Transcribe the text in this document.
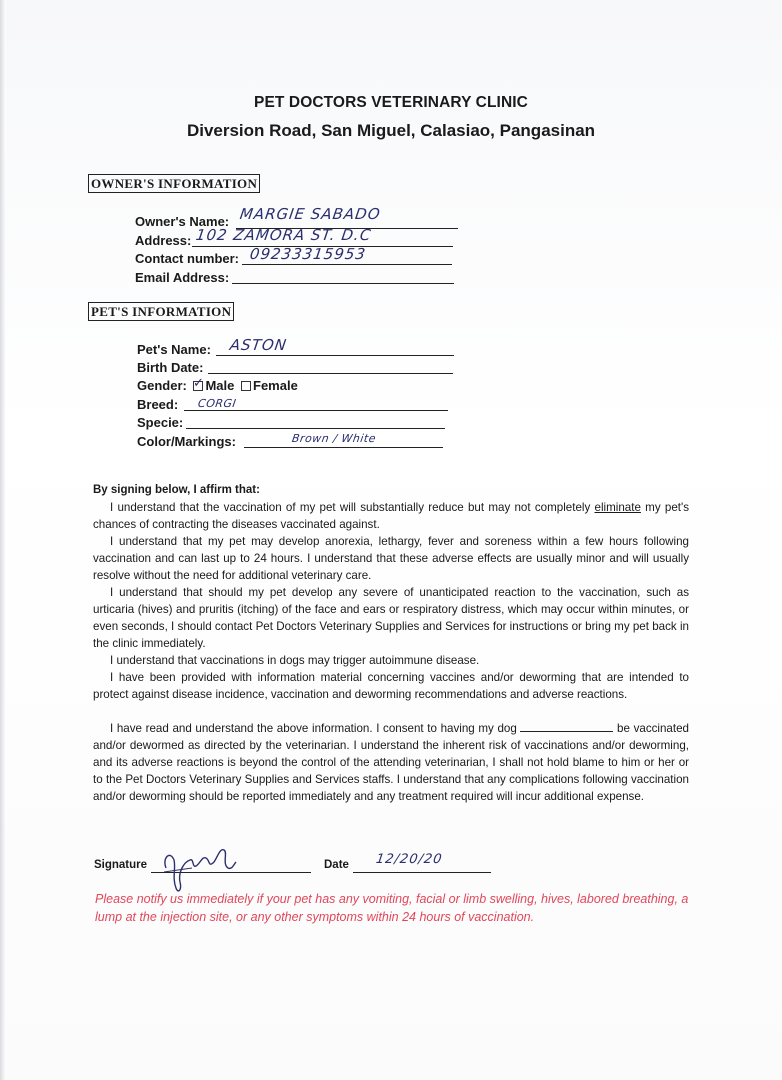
PET DOCTORS VETERINARY CLINIC
Diversion Road, San Miguel, Calasiao, Pangasinan
OWNER'S INFORMATION
Owner's Name: MARGIE SABADO
Address: 102 ZAMORA ST. D.C
Contact number: 09233315953
Email Address:
PET'S INFORMATION
Pet's Name: ASTON
Birth Date:
Gender: Male Female
✓
Breed: CORGI
Specie:
Color/Markings:	Brown / White
By signing below, I affirm that:
I understand that the vaccination of my pet will substantially reduce but may not completely eliminate my pet's chances of contracting the diseases vaccinated against.
I understand that my pet may develop anorexia, lethargy, fever and soreness within a few hours following vaccination and can last up to 24 hours. I understand that these adverse effects are usually minor and will usually resolve without the need for additional veterinary care.
I understand that should my pet develop any severe of unanticipated reaction to the vaccination, such as urticaria (hives) and pruritis (itching) of the face and ears or respiratory distress, which may occur within minutes, or even seconds, I should contact Pet Doctors Veterinary Supplies and Services for instructions or bring my pet back in the clinic immediately.
I understand that vaccinations in dogs may trigger autoimmune disease.
I have been provided with information material concerning vaccines and/or deworming that are intended to protect against disease incidence, vaccination and deworming recommendations and adverse reactions.
I have read and understand the above information. I consent to having my dog	be vaccinated and/or dewormed as directed by the veterinarian. I understand the inherent risk of vaccinations and/or deworming, and its adverse reactions is beyond the control of the attending veterinarian, I shall not hold blame to him or her or to the Pet Doctors Veterinary Supplies and Services staffs. I understand that any complications following vaccination and/or deworming should be reported immediately and any treatment required will incur additional expense.
Signature	Date 12/20/20
Please notify us immediately if your pet has any vomiting, facial or limb swelling, hives, labored breathing, a lump at the injection site, or any other symptoms within 24 hours of vaccination.
